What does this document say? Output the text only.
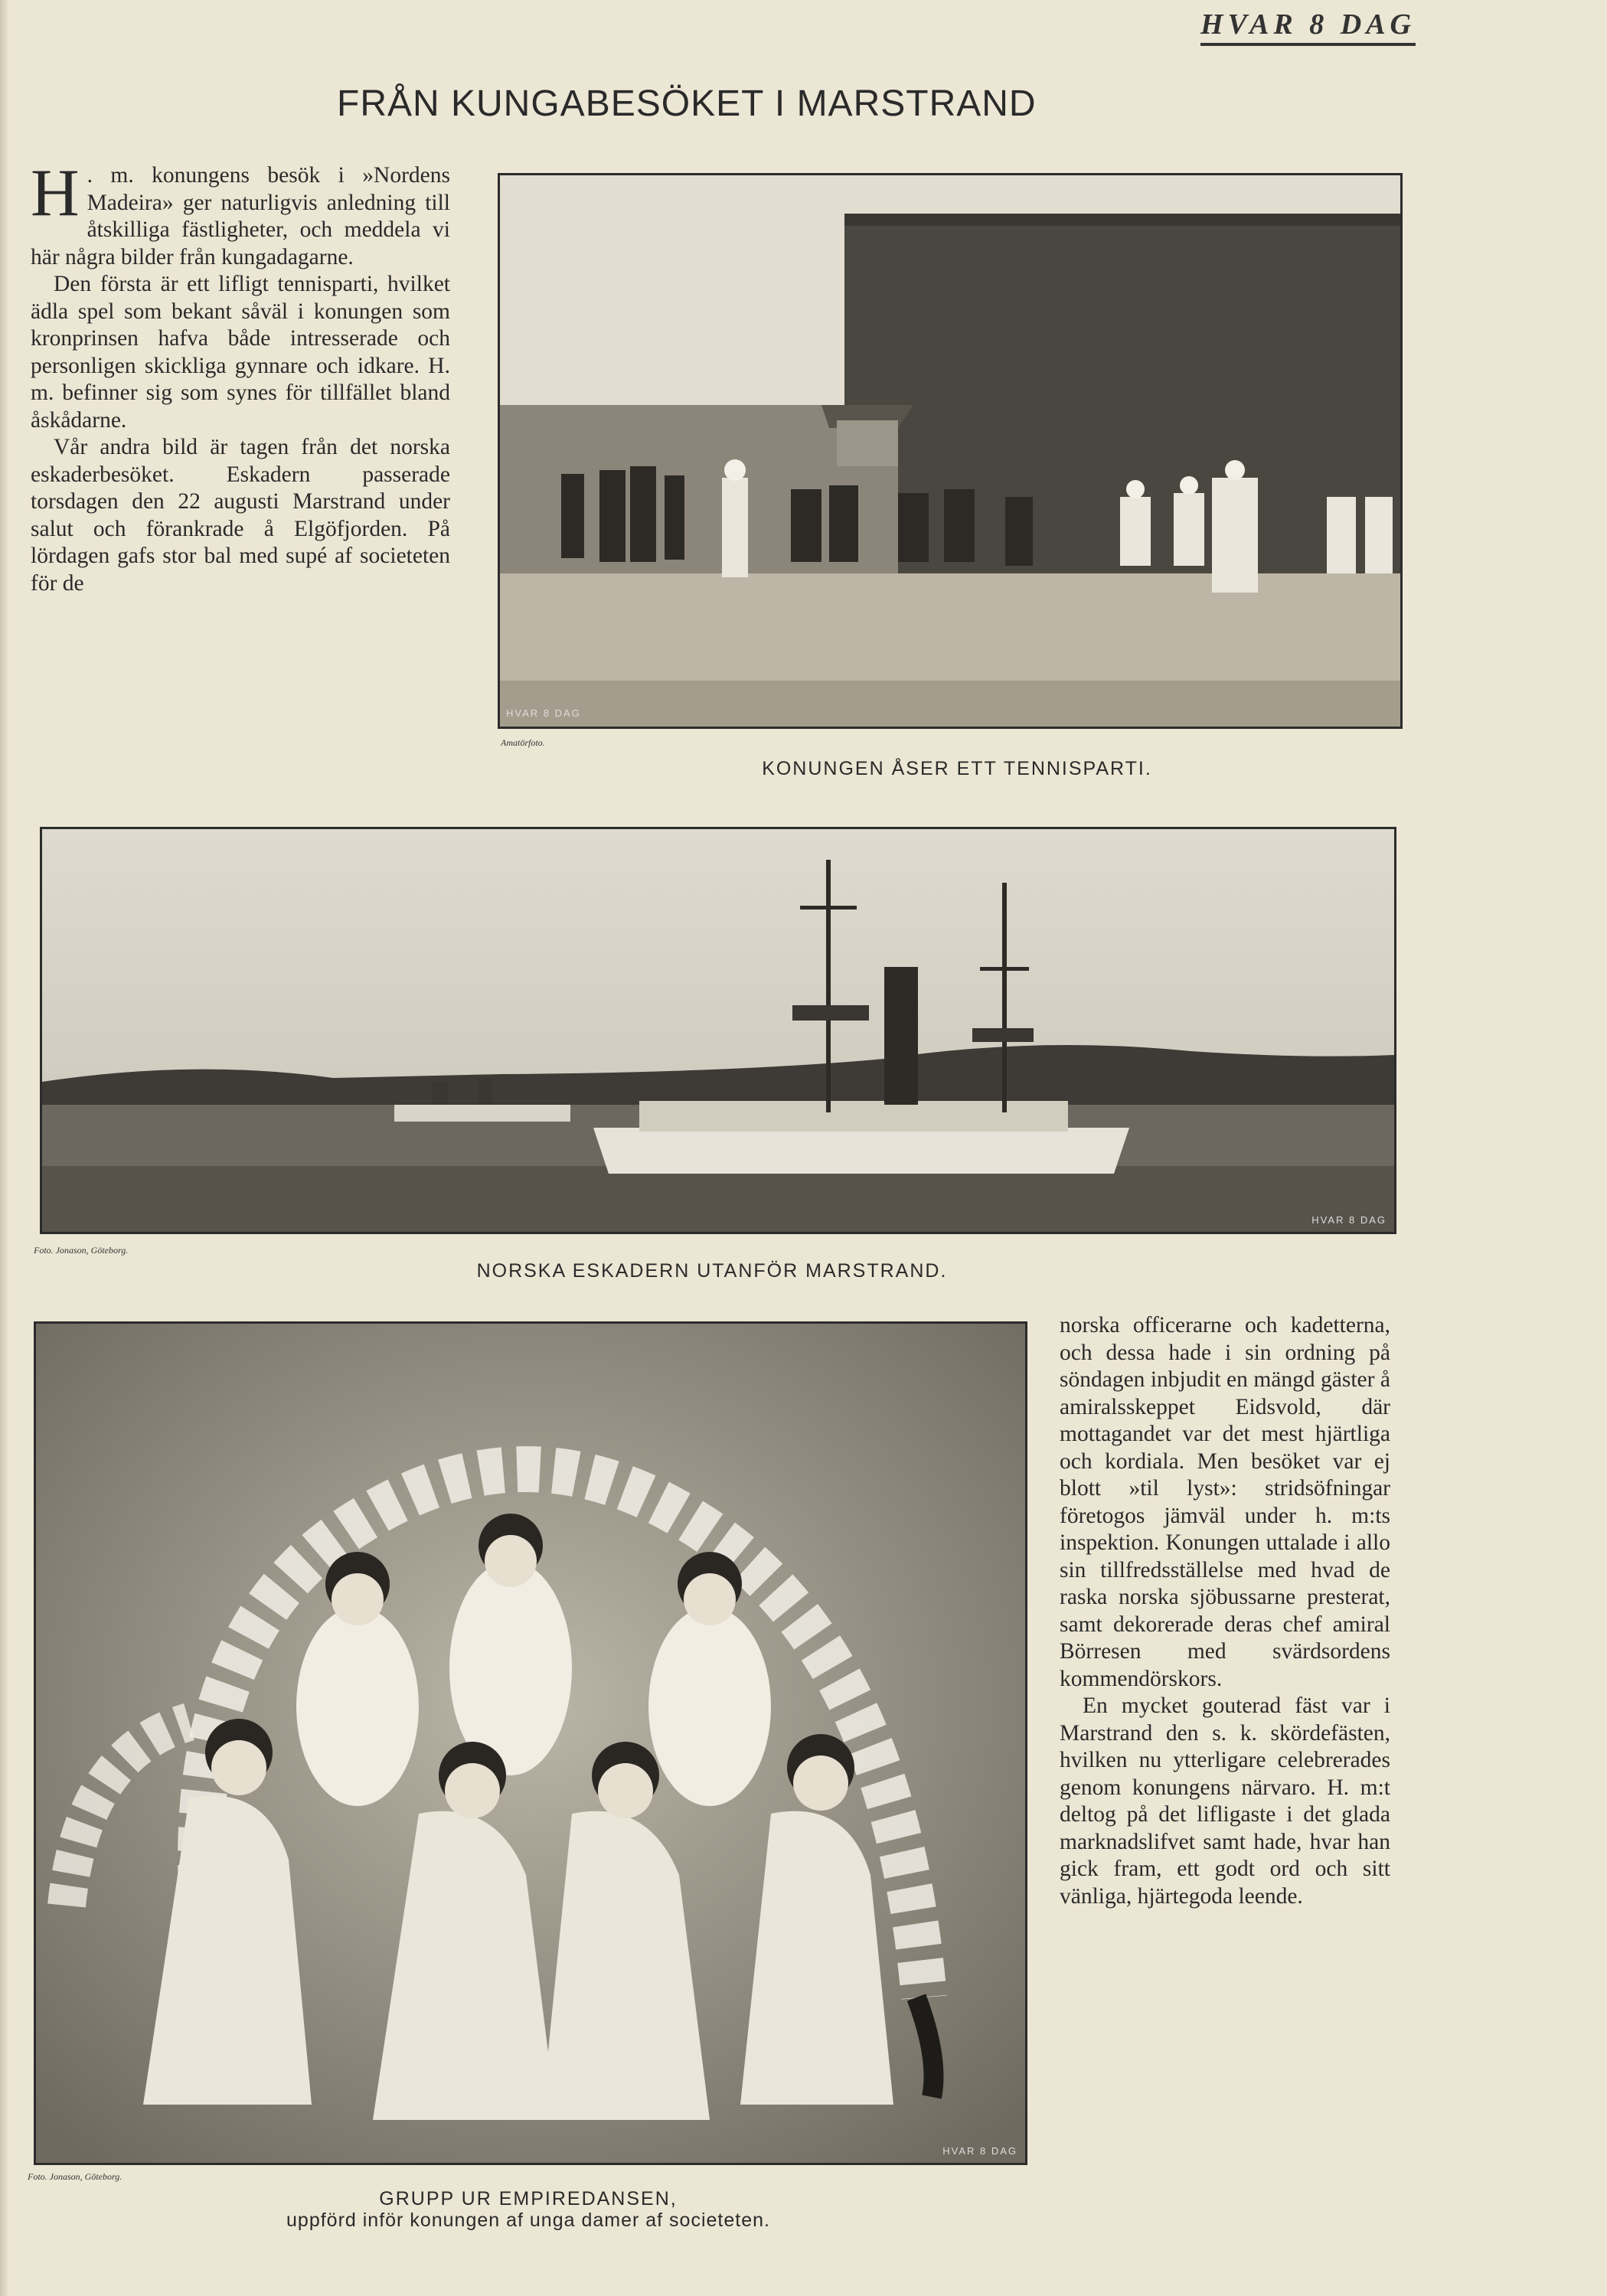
HVAR 8 DAG
FRÅN KUNGABESÖKET I MARSTRAND

H . m. konungens besök i »Nordens Madeira» ger naturligvis anledning till åtskilliga fästligheter, och meddela vi här några bilder från kungadagarne.

Den första är ett lifligt tennisparti, hvilket ädla spel som bekant såväl i konungen som kronprinsen hafva både intresserade och personligen skickliga gynnare och idkare. H. m. befinner sig som synes för tillfället bland åskådarne.

Vår andra bild är tagen från det norska eskaderbesöket. Eskadern passerade torsdagen den 22 augusti Marstrand under salut och förankrade å Elgöfjorden. På lördagen gafs stor bal med supé af societeten för de

HVAR 8 DAG
Amatörfoto.
KONUNGEN ÅSER ETT TENNISPARTI.
HVAR 8 DAG
Foto. Jonason, Göteborg.
NORSKA ESKADERN UTANFÖR MARSTRAND.
HVAR 8 DAG
Foto. Jonason, Göteborg.
GRUPP UR EMPIREDANSEN,
uppförd inför konungen af unga damer af societeten.

norska officerarne och kadetterna, och dessa hade i sin ordning på söndagen inbjudit en mängd gäster å amiralsskeppet Eidsvold, där mottagandet var det mest hjärtliga och kordiala. Men besöket var ej blott »til lyst»: stridsöfningar företogos jämväl under h. m:ts inspektion. Konungen uttalade i allo sin tillfredsställelse med hvad de raska norska sjöbussarne presterat, samt dekorerade deras chef amiral Börresen med svärdsordens kommendörskors.

En mycket gouterad fäst var i Marstrand den s. k. skördefästen, hvilken nu ytterligare celebrerades genom konungens närvaro. H. m:t deltog på det lifligaste i det glada marknadslifvet samt hade, hvar han gick fram, ett godt ord och sitt vänliga, hjärtegoda leende.
